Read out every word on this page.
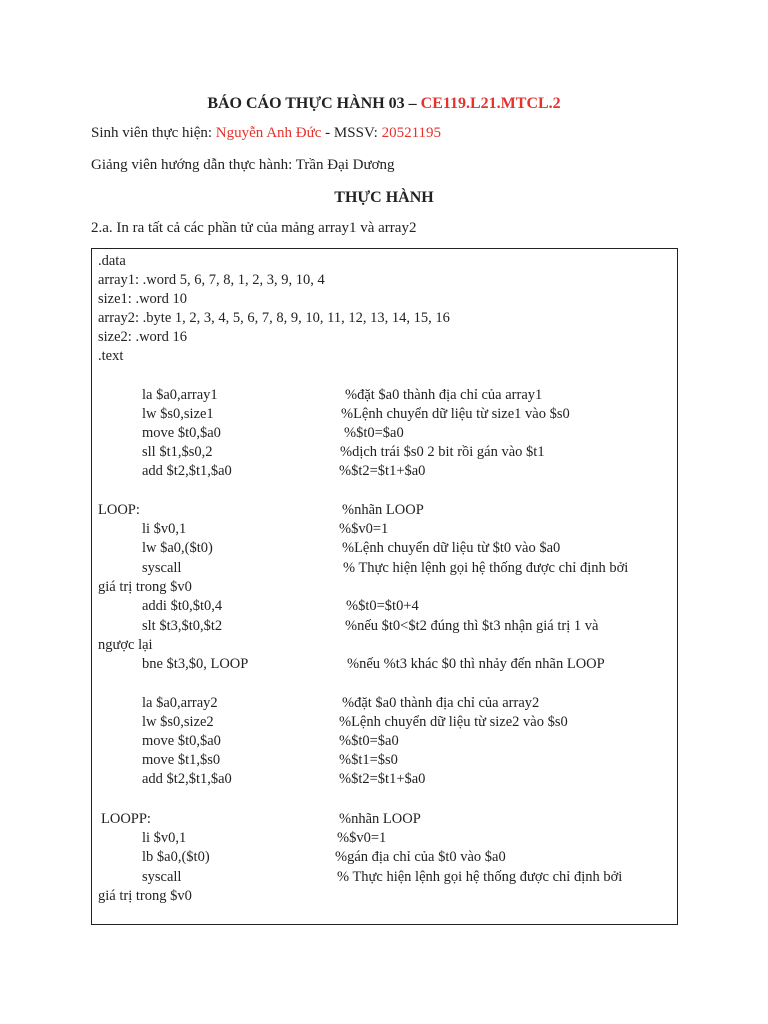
BÁO CÁO THỰC HÀNH 03 – CE119.L21.MTCL.2
Sinh viên thực hiện: Nguyễn Anh Đức - MSSV: 20521195
Giảng viên hướng dẫn thực hành: Trần Đại Dương
THỰC HÀNH
2.a. In ra tất cả các phần tử của mảng array1 và array2
.data
array1: .word 5, 6, 7, 8, 1, 2, 3, 9, 10, 4
size1: .word 10
array2: .byte 1, 2, 3, 4, 5, 6, 7, 8, 9, 10, 11, 12, 13, 14, 15, 16
size2: .word 16
.text
la $a0,array1	%đặt $a0 thành địa chỉ của array1
lw $s0,size1	%Lệnh chuyển dữ liệu từ size1 vào $s0
move $t0,$a0	%$t0=$a0
sll $t1,$s0,2	%dịch trái $s0 2 bit rồi gán vào $t1
add $t2,$t1,$a0	%$t2=$t1+$a0
LOOP:	%nhãn LOOP
li $v0,1	%$v0=1
lw $a0,($t0)	%Lệnh chuyển dữ liệu từ $t0 vào $a0
syscall	% Thực hiện lệnh gọi hệ thống được chỉ định bởi
giá trị trong $v0
addi $t0,$t0,4	%$t0=$t0+4
slt $t3,$t0,$t2	%nếu $t0<$t2 đúng thì $t3 nhận giá trị 1 và
ngược lại
bne $t3,$0, LOOP	%nếu %t3 khác $0 thì nhảy đến nhãn LOOP
la $a0,array2	%đặt $a0 thành địa chỉ của array2
lw $s0,size2	%Lệnh chuyển dữ liệu từ size2 vào $s0
move $t0,$a0	%$t0=$a0
move $t1,$s0	%$t1=$s0
add $t2,$t1,$a0	%$t2=$t1+$a0
LOOPP:	%nhãn LOOP
li $v0,1	%$v0=1
lb $a0,($t0)	%gán địa chỉ của $t0 vào $a0
syscall	% Thực hiện lệnh gọi hệ thống được chỉ định bởi
giá trị trong $v0
